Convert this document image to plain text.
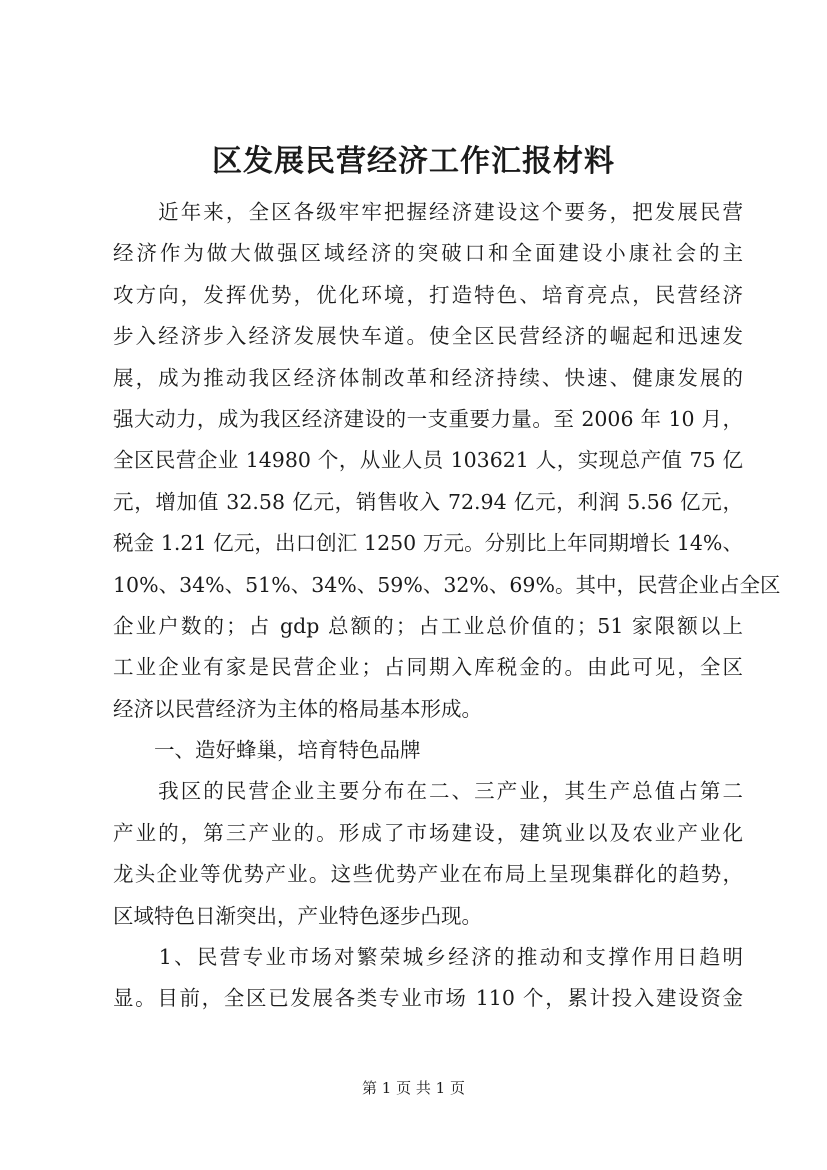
区发展民营经济工作汇报材料

　　近年来，全区各级牢牢把握经济建设这个要务，把发展民营

经济作为做大做强区域经济的突破口和全面建设小康社会的主

攻方向，发挥优势，优化环境，打造特色、培育亮点，民营经济

步入经济步入经济发展快车道。使全区民营经济的崛起和迅速发

展，成为推动我区经济体制改革和经济持续、快速、健康发展的

强大动力，成为我区经济建设的一支重要力量。至 2006 年 10 月，

全区民营企业 14980 个，从业人员 103621 人，实现总产值 75 亿

元，增加值 32.58 亿元，销售收入 72.94 亿元，利润 5.56 亿元，

税金 1.21 亿元，出口创汇 1250 万元。分别比上年同期增长 14%、

10%、34%、51%、34%、59%、32%、69%。其中，民营企业占全区

企业户数的；占 gdp 总额的；占工业总价值的；51 家限额以上

工业企业有家是民营企业；占同期入库税金的。由此可见，全区

经济以民营经济为主体的格局基本形成。

　　一、造好蜂巢，培育特色品牌

　　我区的民营企业主要分布在二、三产业，其生产总值占第二

产业的，第三产业的。形成了市场建设，建筑业以及农业产业化

龙头企业等优势产业。这些优势产业在布局上呈现集群化的趋势，

区域特色日渐突出，产业特色逐步凸现。

　　1、民营专业市场对繁荣城乡经济的推动和支撑作用日趋明

显。目前，全区已发展各类专业市场 110 个，累计投入建设资金

第 1 页 共 1 页
